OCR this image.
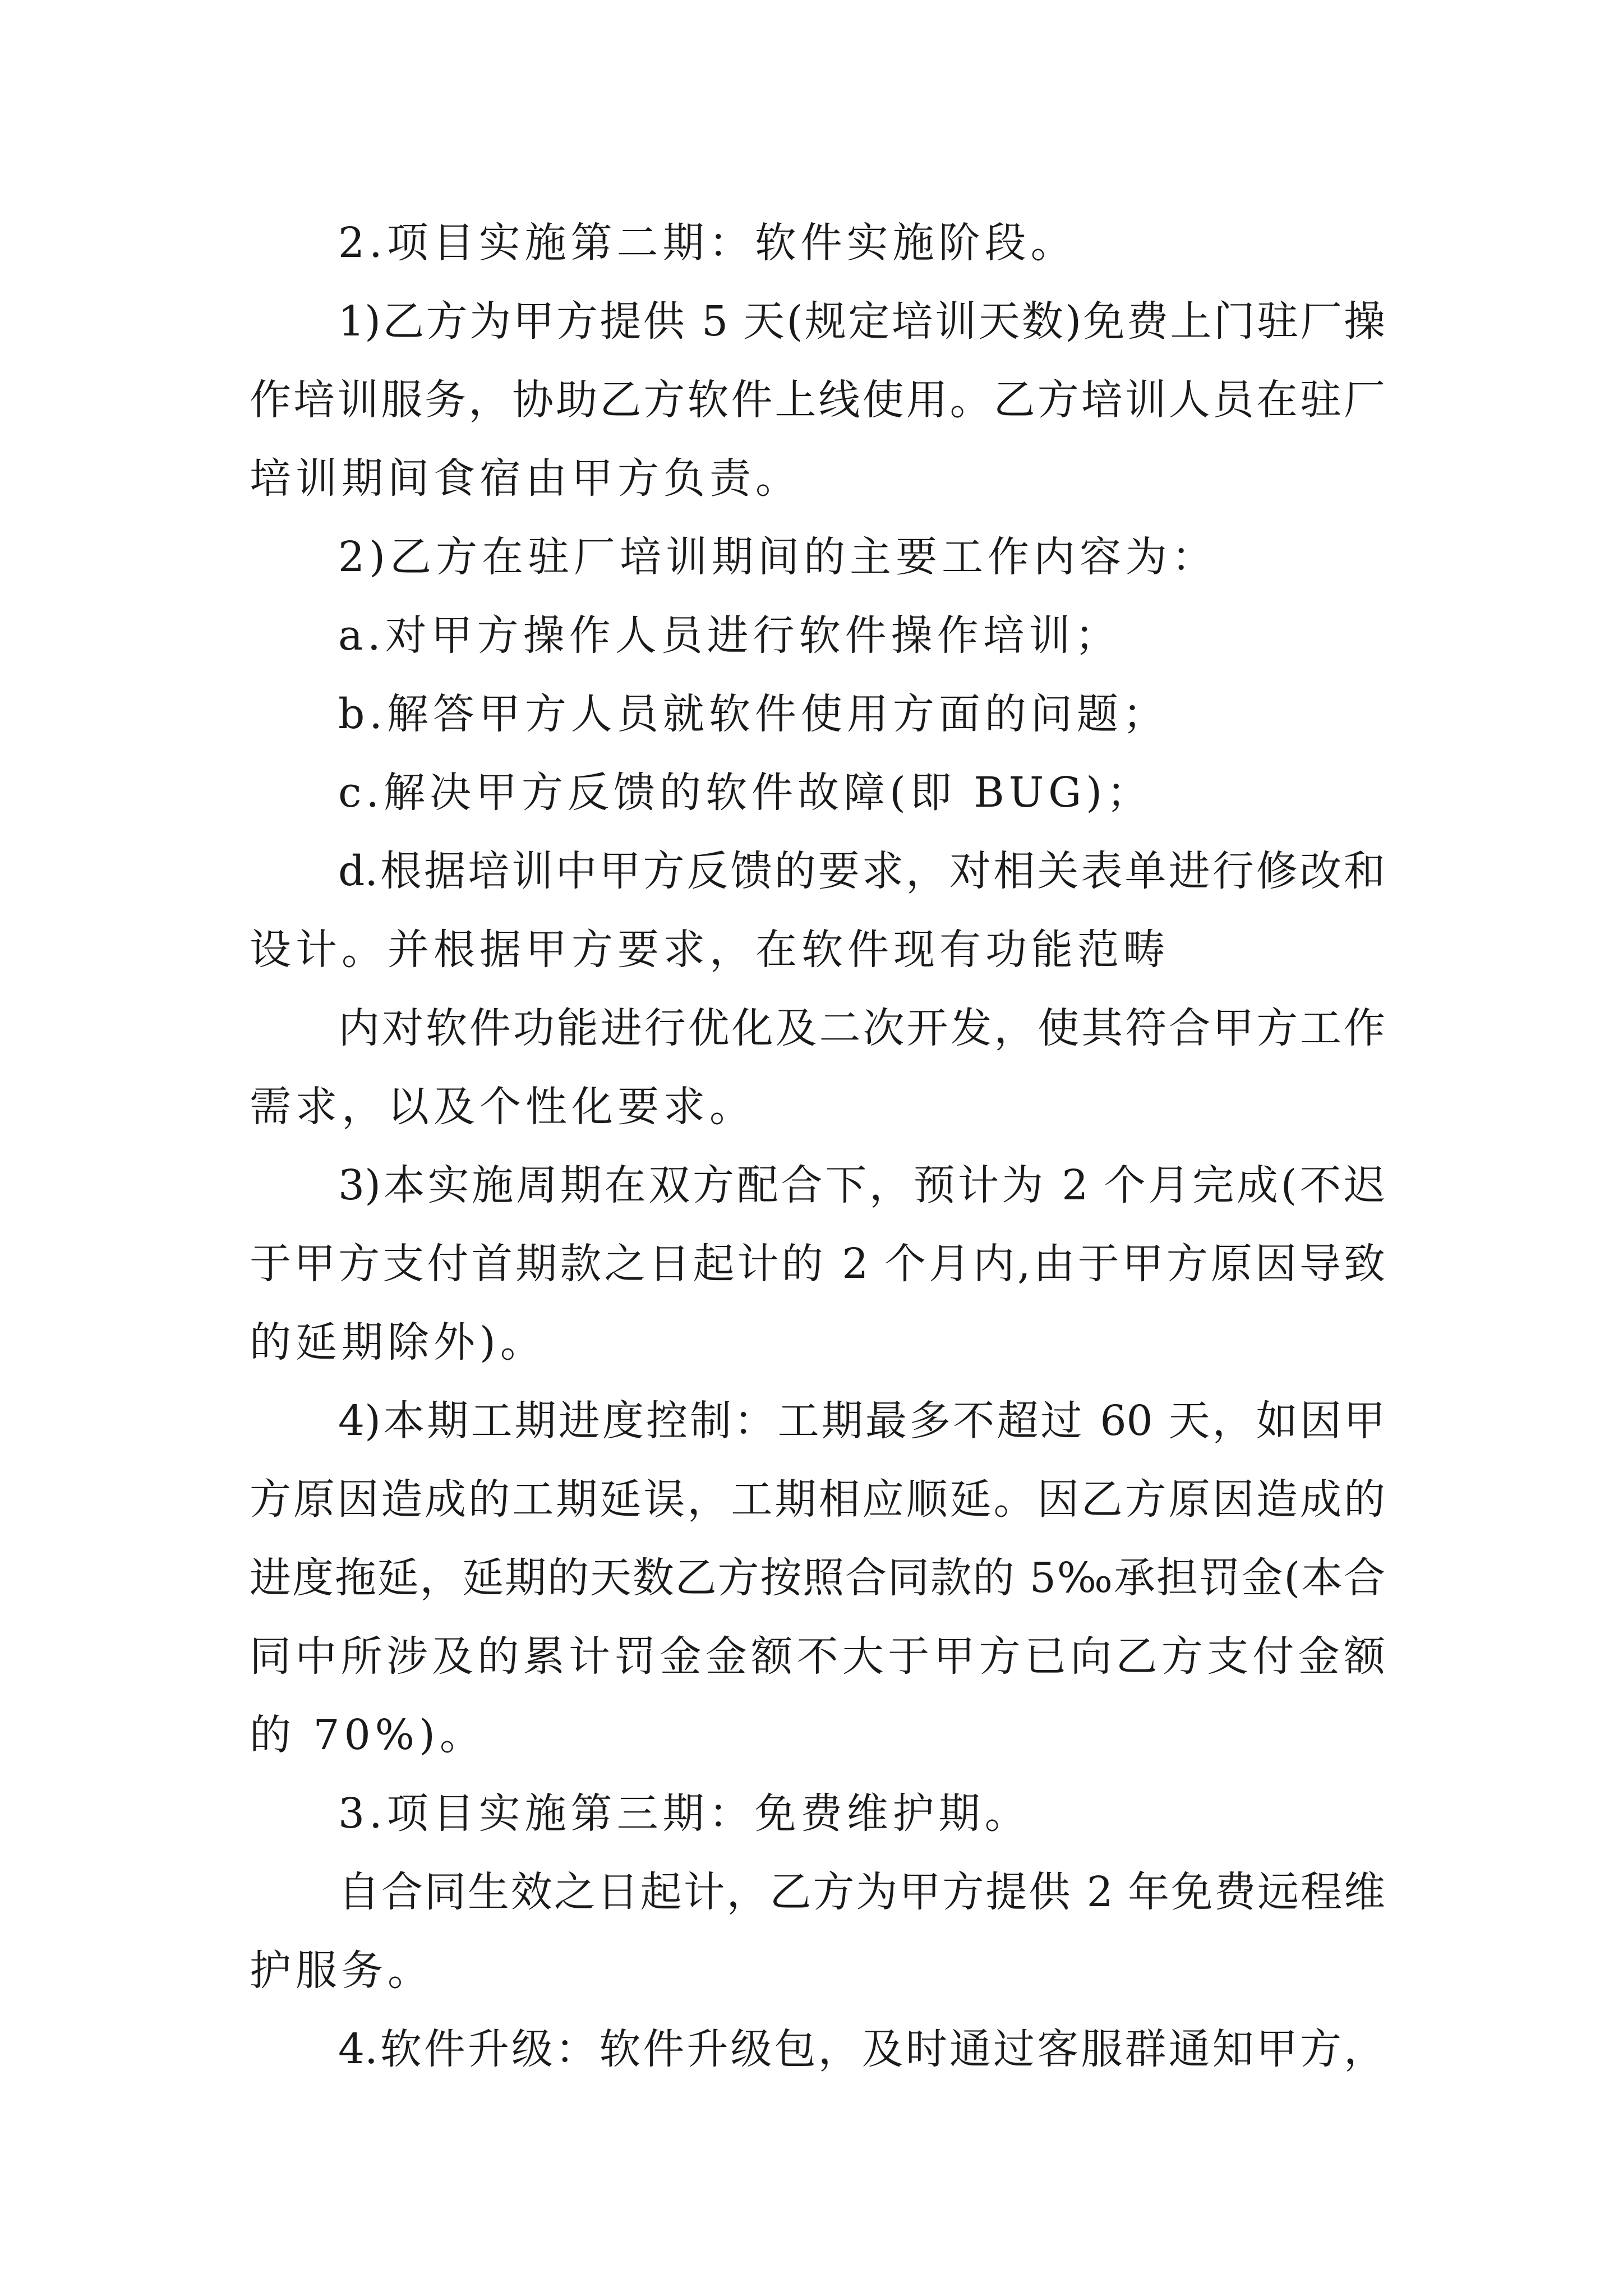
2.项目实施第二期：软件实施阶段。
1)乙方为甲方提供 5 天(规定培训天数)免费上门驻厂操
作培训服务，协助乙方软件上线使用。乙方培训人员在驻厂
培训期间食宿由甲方负责。
2)乙方在驻厂培训期间的主要工作内容为：
a.对甲方操作人员进行软件操作培训；
b.解答甲方人员就软件使用方面的问题；
c.解决甲方反馈的软件故障(即 BUG)；
d.根据培训中甲方反馈的要求，对相关表单进行修改和
设计。并根据甲方要求，在软件现有功能范畴
内对软件功能进行优化及二次开发，使其符合甲方工作
需求，以及个性化要求。
3)本实施周期在双方配合下，预计为 2 个月完成(不迟
于甲方支付首期款之日起计的 2 个月内,由于甲方原因导致
的延期除外)。
4)本期工期进度控制：工期最多不超过 60 天，如因甲
方原因造成的工期延误，工期相应顺延。因乙方原因造成的
进度拖延，延期的天数乙方按照合同款的 5‰承担罚金(本合
同中所涉及的累计罚金金额不大于甲方已向乙方支付金额
的 70%)。
3.项目实施第三期：免费维护期。
自合同生效之日起计，乙方为甲方提供 2 年免费远程维
护服务。
4.软件升级：软件升级包，及时通过客服群通知甲方，
